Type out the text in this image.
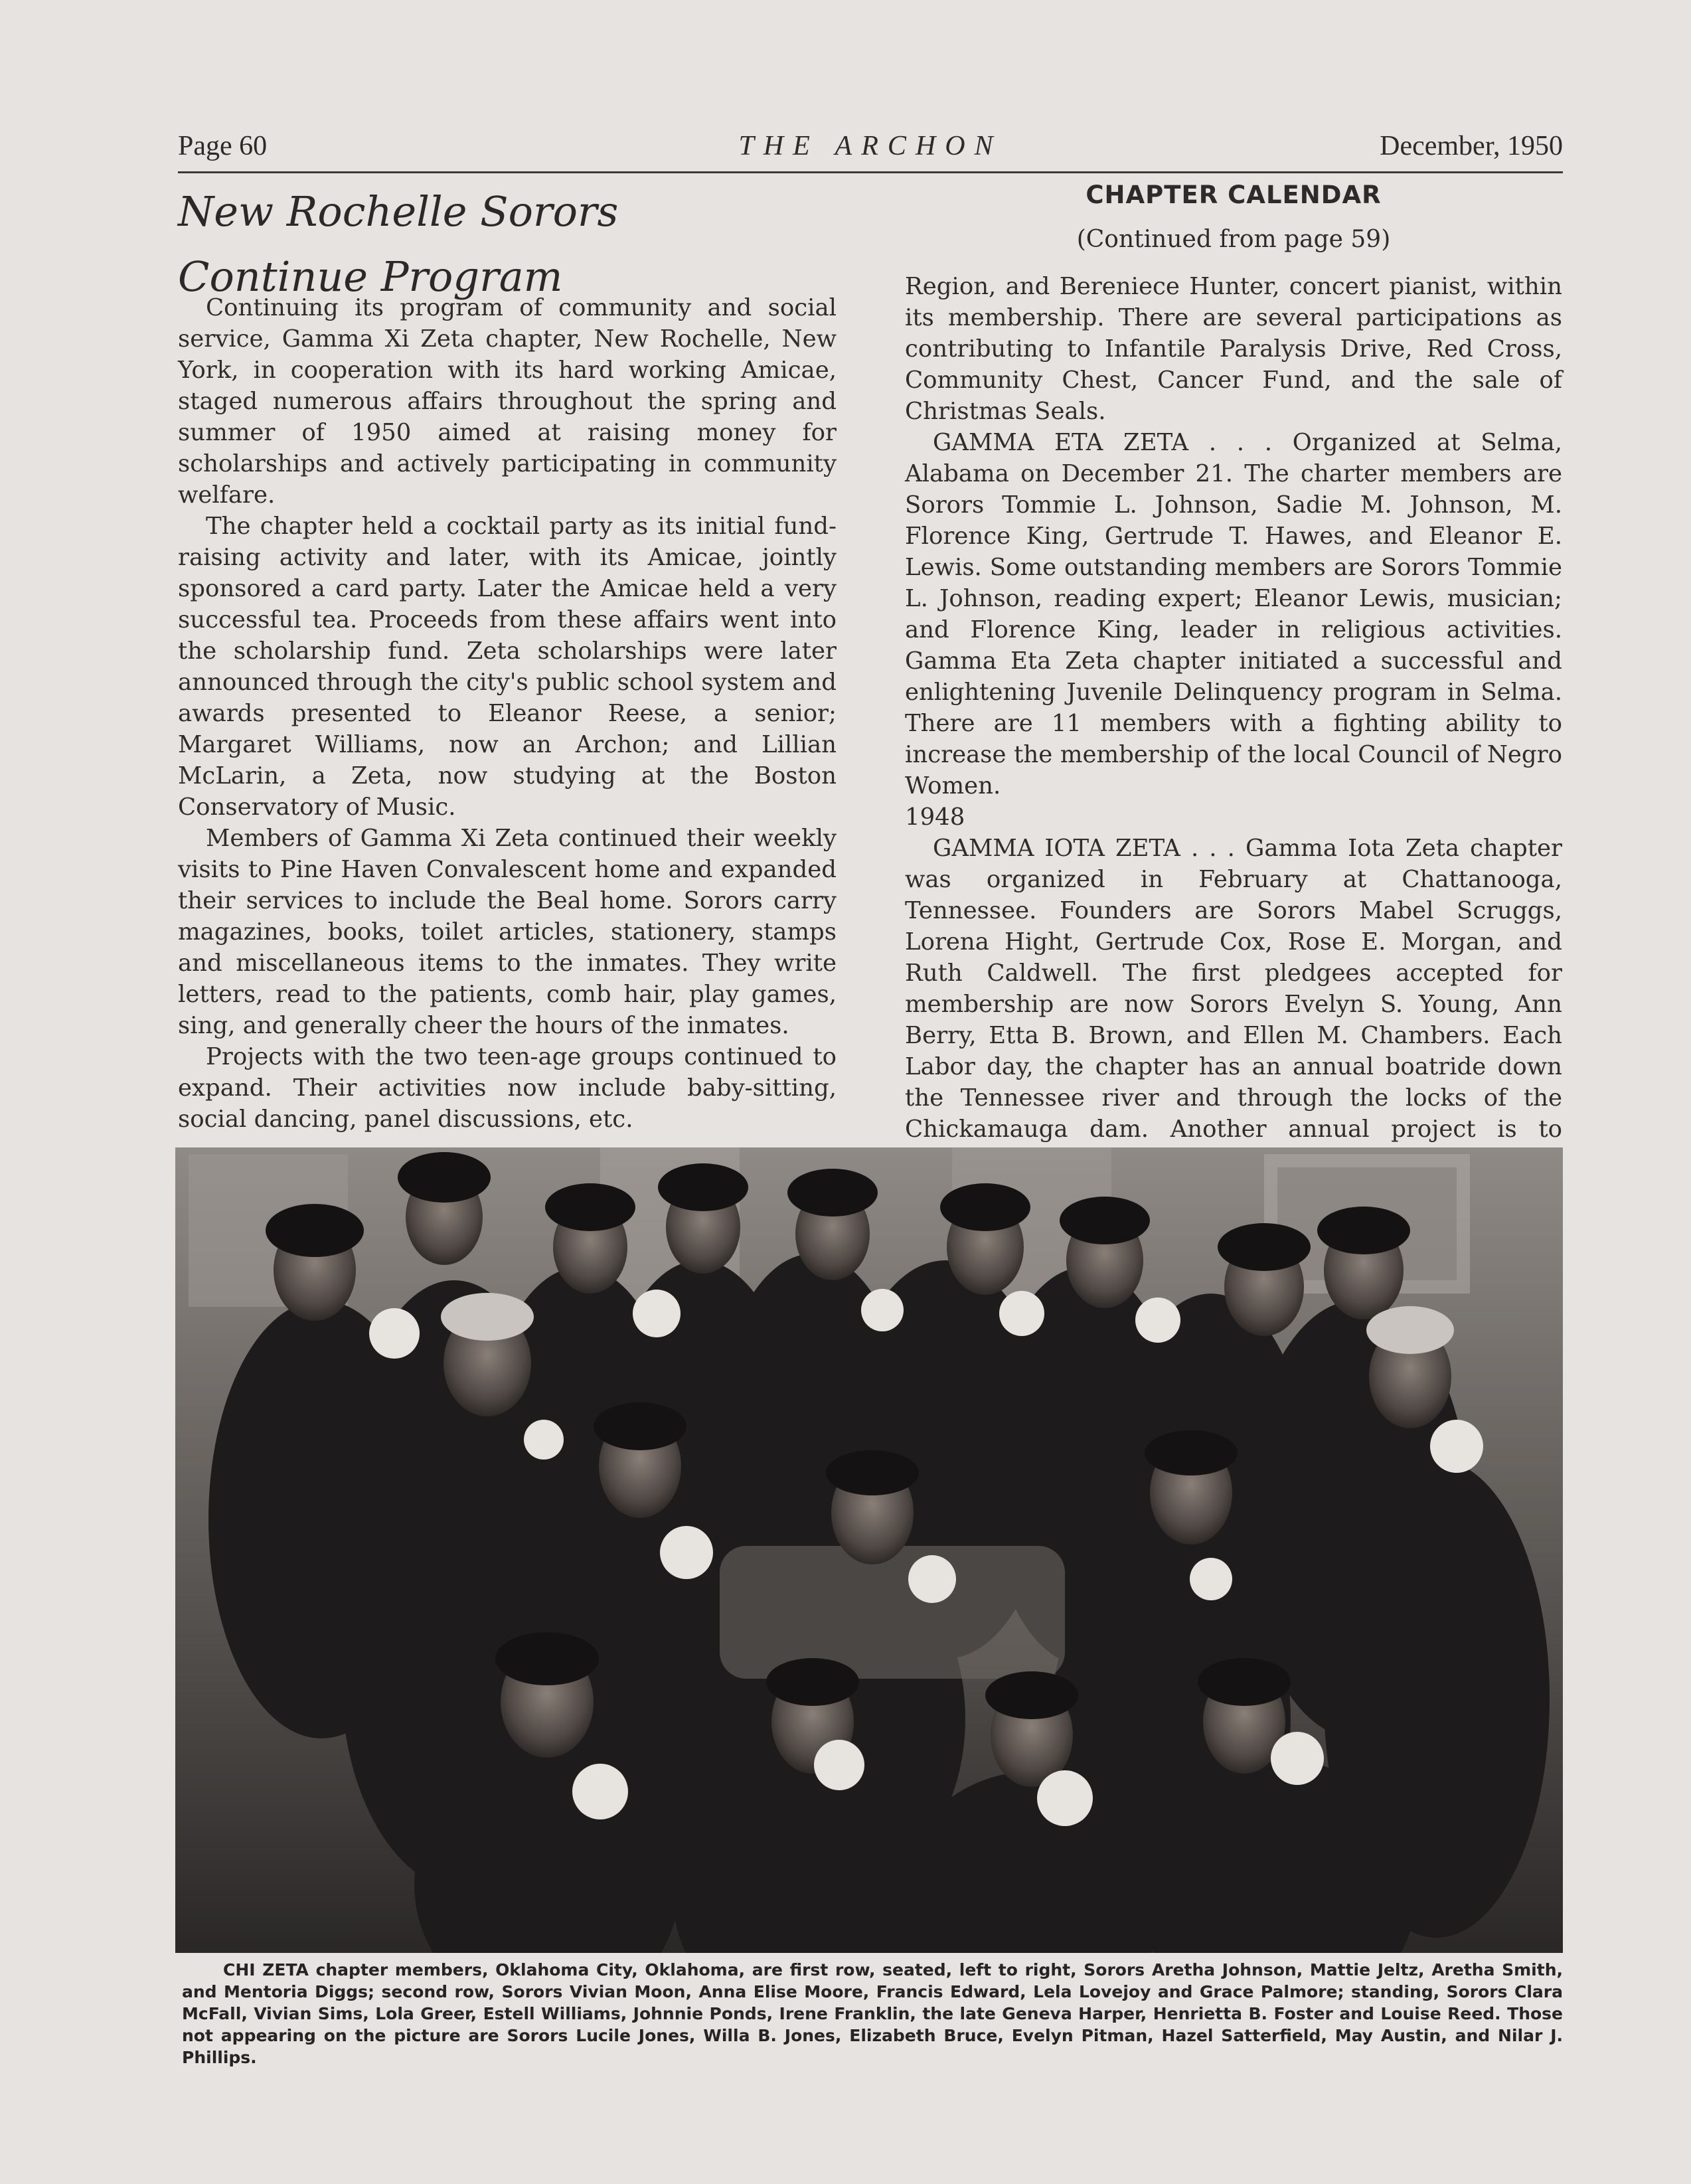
Page 60	THE ARCHON	December, 1950
New Rochelle Sorors
Continue Program

Continuing its program of community and social service, Gamma Xi Zeta chapter, New Rochelle, New York, in cooperation with its hard working Amicae, staged numerous affairs throughout the spring and summer of 1950 aimed at raising money for scholarships and actively participating in community welfare.

The chapter held a cocktail party as its initial fund-raising activity and later, with its Amicae, jointly sponsored a card party. Later the Amicae held a very successful tea. Proceeds from these affairs went into the scholarship fund. Zeta scholarships were later announced through the city's public school system and awards presented to Eleanor Reese, a senior; Margaret Williams, now an Archon; and Lillian McLarin, a Zeta, now studying at the Boston Conservatory of Music.

Members of Gamma Xi Zeta continued their weekly visits to Pine Haven Convalescent home and expanded their services to include the Beal home. Sorors carry magazines, books, toilet articles, stationery, stamps and miscellaneous items to the inmates. They write letters, read to the patients, comb hair, play games, sing, and generally cheer the hours of the inmates.

Projects with the two teen-age groups continued to expand. Their activities now include baby-sitting, social dancing, panel discussions, etc.

CHAPTER CALENDAR
(Continued from page 59)

Region, and Bereniece Hunter, concert pianist, within its membership. There are several participations as contributing to Infantile Paralysis Drive, Red Cross, Community Chest, Cancer Fund, and the sale of Christmas Seals.

GAMMA ETA ZETA . . . Organized at Selma, Alabama on December 21. The charter members are Sorors Tommie L. Johnson, Sadie M. Johnson, M. Florence King, Gertrude T. Hawes, and Eleanor E. Lewis. Some outstanding members are Sorors Tommie L. Johnson, reading expert; Eleanor Lewis, musician; and Florence King, leader in religious activities. Gamma Eta Zeta chapter initiated a successful and enlightening Juvenile Delinquency program in Selma. There are 11 members with a fighting ability to increase the membership of the local Council of Negro Women.

1948

GAMMA IOTA ZETA . . . Gamma Iota Zeta chapter was organized in February at Chattanooga, Tennessee. Founders are Sorors Mabel Scruggs, Lorena Hight, Gertrude Cox, Rose E. Morgan, and Ruth Caldwell. The first pledgees accepted for membership are now Sorors Evelyn S. Young, Ann Berry, Etta B. Brown, and Ellen M. Chambers. Each Labor day, the chapter has an annual boatride down the Tennessee river and through the locks of the Chickamauga dam. Another annual project is to

CHI ZETA chapter members, Oklahoma City, Oklahoma, are first row, seated, left to right, Sorors Aretha Johnson, Mattie Jeltz, Aretha Smith, and Mentoria Diggs; second row, Sorors Vivian Moon, Anna Elise Moore, Francis Edward, Lela Lovejoy and Grace Palmore; standing, Sorors Clara McFall, Vivian Sims, Lola Greer, Estell Williams, Johnnie Ponds, Irene Franklin, the late Geneva Harper, Henrietta B. Foster and Louise Reed. Those not appearing on the picture are Sorors Lucile Jones, Willa B. Jones, Elizabeth Bruce, Evelyn Pitman, Hazel Satterfield, May Austin, and Nilar J. Phillips.
